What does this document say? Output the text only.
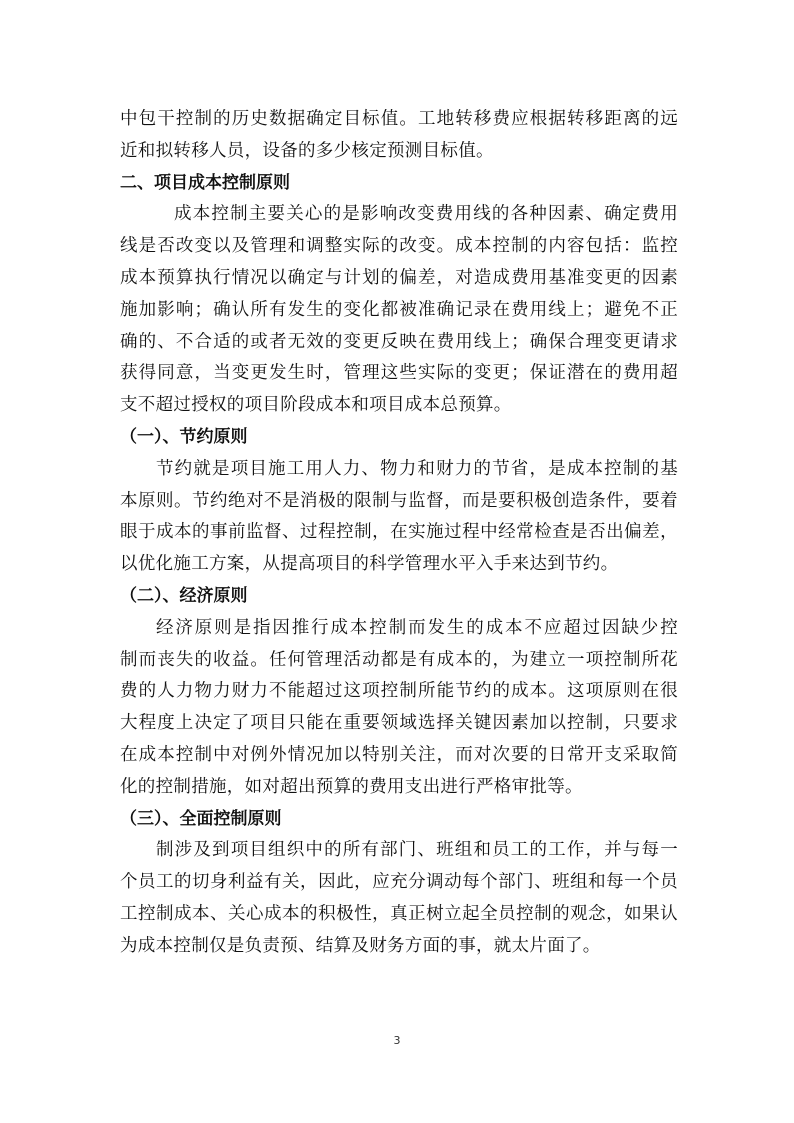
中包干控制的历史数据确定目标值。工地转移费应根据转移距离的远
近和拟转移人员，设备的多少核定预测目标值。
二、项目成本控制原则
成本控制主要关心的是影响改变费用线的各种因素、确定费用
线是否改变以及管理和调整实际的改变。成本控制的内容包括：监控
成本预算执行情况以确定与计划的偏差，对造成费用基准变更的因素
施加影响；确认所有发生的变化都被准确记录在费用线上；避免不正
确的、不合适的或者无效的变更反映在费用线上；确保合理变更请求
获得同意，当变更发生时，管理这些实际的变更；保证潜在的费用超
支不超过授权的项目阶段成本和项目成本总预算。
（一）、节约原则
节约就是项目施工用人力、物力和财力的节省，是成本控制的基
本原则。节约绝对不是消极的限制与监督，而是要积极创造条件，要着
眼于成本的事前监督、过程控制，在实施过程中经常检查是否出偏差，
以优化施工方案，从提高项目的科学管理水平入手来达到节约。
（二）、经济原则
经济原则是指因推行成本控制而发生的成本不应超过因缺少控
制而丧失的收益。任何管理活动都是有成本的，为建立一项控制所花
费的人力物力财力不能超过这项控制所能节约的成本。这项原则在很
大程度上决定了项目只能在重要领域选择关键因素加以控制，只要求
在成本控制中对例外情况加以特别关注，而对次要的日常开支采取简
化的控制措施，如对超出预算的费用支出进行严格审批等。
（三）、全面控制原则
制涉及到项目组织中的所有部门、班组和员工的工作，并与每一
个员工的切身利益有关，因此，应充分调动每个部门、班组和每一个员
工控制成本、关心成本的积极性，真正树立起全员控制的观念，如果认
为成本控制仅是负责预、结算及财务方面的事，就太片面了。
3
